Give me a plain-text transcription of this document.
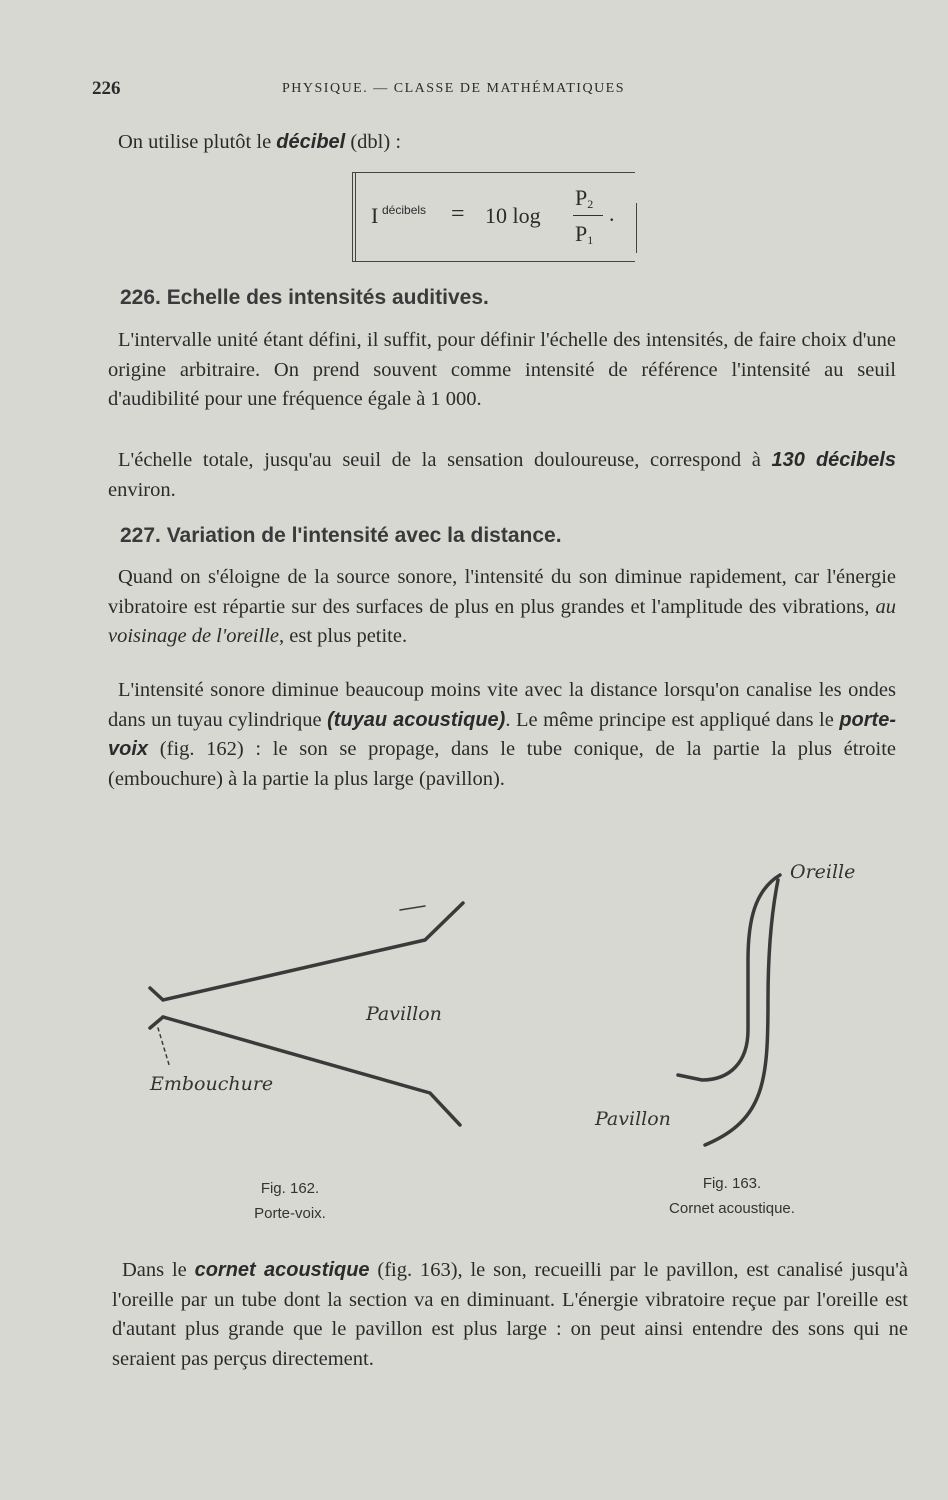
226	PHYSIQUE. — CLASSE DE MATHÉMATIQUES

On utilise plutôt le décibel (dbl) :

I décibels = 10 log
$P_2$
$P_1$
.
226. Echelle des intensités auditives.

L'intervalle unité étant défini, il suffit, pour définir l'échelle des intensités, de faire choix d'une origine arbitraire. On prend souvent comme intensité de référence l'intensité au seuil d'audibilité pour une fréquence égale à 1 000.

L'échelle totale, jusqu'au seuil de la sensation douloureuse, correspond à 130 décibels environ.

227. Variation de l'intensité avec la distance.

Quand on s'éloigne de la source sonore, l'intensité du son diminue rapidement, car l'énergie vibratoire est répartie sur des surfaces de plus en plus grandes et l'amplitude des vibrations, au voisinage de l'oreille, est plus petite.

L'intensité sonore diminue beaucoup moins vite avec la distance lorsqu'on canalise les ondes dans un tuyau cylindrique (tuyau acoustique). Le même principe est appliqué dans le porte-voix (fig. 162) : le son se propage, dans le tube conique, de la partie la plus étroite (embouchure) à la partie la plus large (pavillon).

Pavillon
Embouchure
Oreille
Pavillon
Fig. 162.
Porte-voix.
Fig. 163.
Cornet acoustique.

Dans le cornet acoustique (fig. 163), le son, recueilli par le pavillon, est canalisé jusqu'à l'oreille par un tube dont la section va en diminuant. L'énergie vibratoire reçue par l'oreille est d'autant plus grande que le pavillon est plus large : on peut ainsi entendre des sons qui ne seraient pas perçus directement.
